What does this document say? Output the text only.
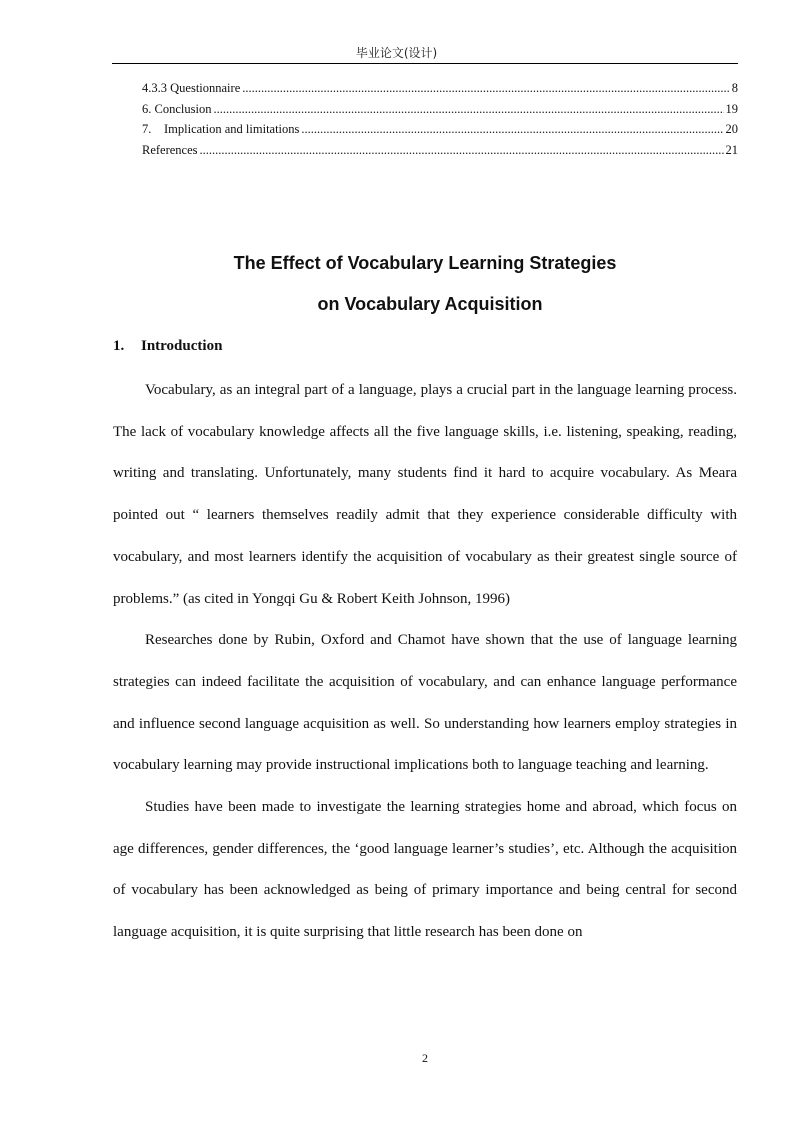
毕业论文(设计)
4.3.3 Questionnaire .....	8
6. Conclusion .....	19
7. Implication and limitations .....	20
References .....	21
The Effect of Vocabulary Learning Strategies
on Vocabulary Acquisition
1. Introduction

Vocabulary, as an integral part of a language, plays a crucial part in the language learning process. The lack of vocabulary knowledge affects all the five language skills, i.e. listening, speaking, reading, writing and translating. Unfortunately, many students find it hard to acquire vocabulary. As Meara pointed out “ learners themselves readily admit that they experience considerable difficulty with vocabulary, and most learners identify the acquisition of vocabulary as their greatest single source of problems.” (as cited in Yongqi Gu & Robert Keith Johnson, 1996)

Researches done by Rubin, Oxford and Chamot have shown that the use of language learning strategies can indeed facilitate the acquisition of vocabulary, and can enhance language performance and influence second language acquisition as well. So understanding how learners employ strategies in vocabulary learning may provide instructional implications both to language teaching and learning.

Studies have been made to investigate the learning strategies home and abroad, which focus on age differences, gender differences, the ‘good language learner’s studies’, etc. Although the acquisition of vocabulary has been acknowledged as being of primary importance and being central for second language acquisition, it is quite surprising that little research has been done on

2
